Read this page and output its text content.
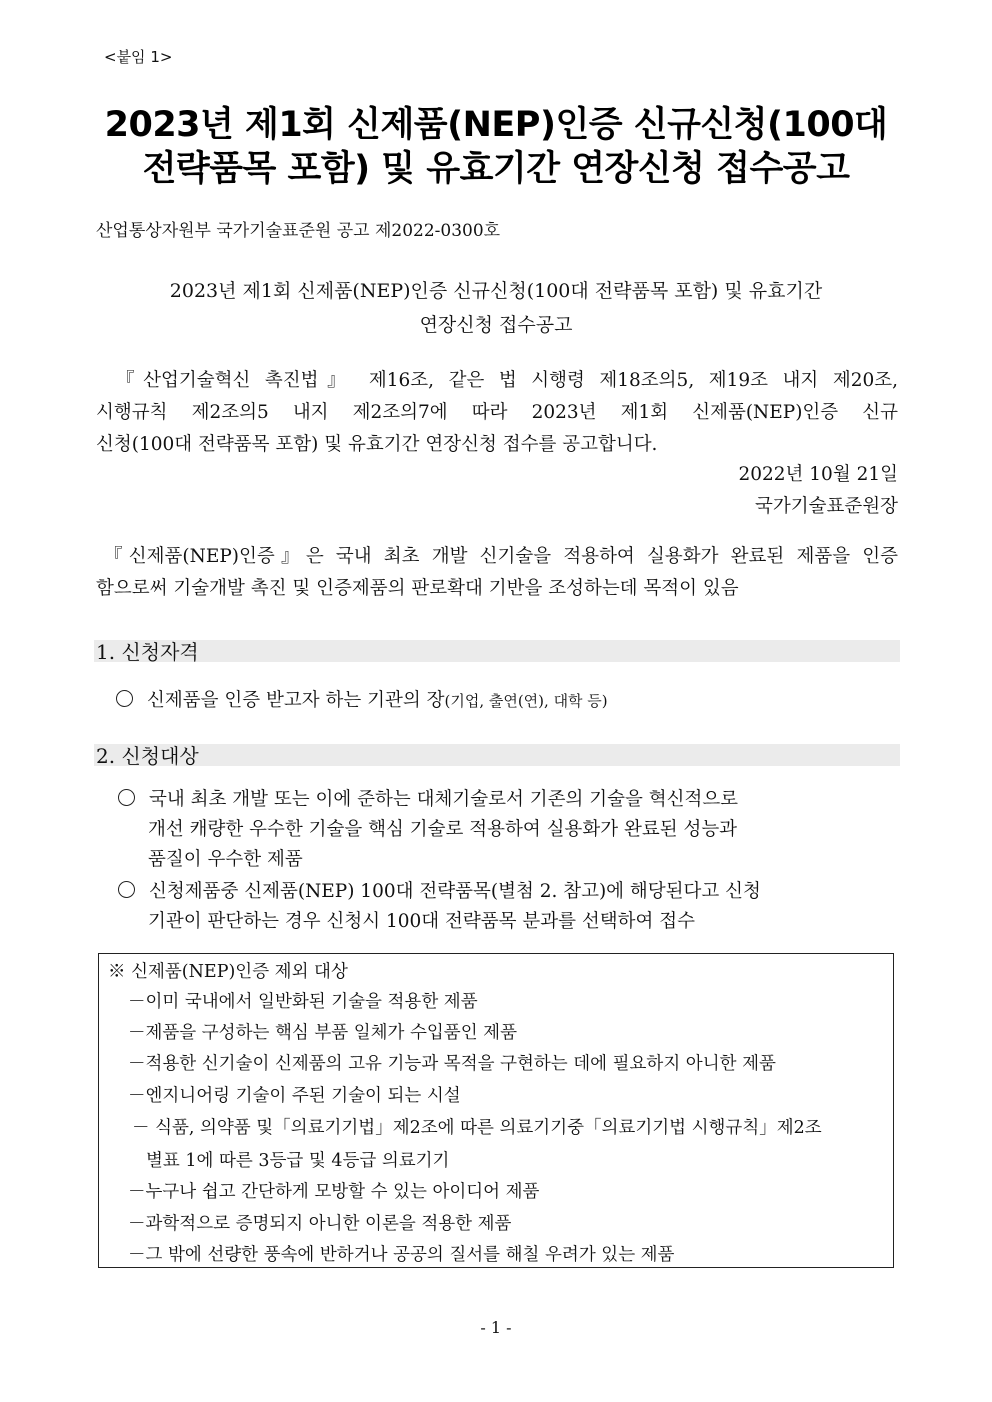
<붙임 1>
2023년 제1회 신제품(NEP)인증 신규신청(100대
전략품목 포함) 및 유효기간 연장신청 접수공고
산업통상자원부 국가기술표준원 공고 제2022-0300호
2023년 제1회 신제품(NEP)인증 신규신청(100대 전략품목 포함) 및 유효기간
연장신청 접수공고
『산업기술혁신 촉진법』 제16조, 같은 법 시행령 제18조의5, 제19조 내지 제20조,
시행규칙 제2조의5 내지 제2조의7에 따라 2023년 제1회 신제품(NEP)인증 신규
신청(100대 전략품목 포함) 및 유효기간 연장신청 접수를 공고합니다.
2022년 10월 21일
국가기술표준원장
『신제품(NEP)인증』은 국내 최초 개발 신기술을 적용하여 실용화가 완료된 제품을 인증
함으로써 기술개발 촉진 및 인증제품의 판로확대 기반을 조성하는데 목적이 있음
1. 신청자격
신제품을 인증 받고자 하는 기관의 장(기업, 출연(연), 대학 등)
2. 신청대상
국내 최초 개발 또는 이에 준하는 대체기술로서 기존의 기술을 혁신적으로
개선 캐량한 우수한 기술을 핵심 기술로 적용하여 실용화가 완료된 성능과
품질이 우수한 제품
신청제품중 신제품(NEP) 100대 전략품목(별첨 2. 참고)에 해당된다고 신청
기관이 판단하는 경우 신청시 100대 전략품목 분과를 선택하여 접수
※ 신제품(NEP)인증 제외 대상
－이미 국내에서 일반화된 기술을 적용한 제품
－제품을 구성하는 핵심 부품 일체가 수입품인 제품
－적용한 신기술이 신제품의 고유 기능과 목적을 구현하는 데에 필요하지 아니한 제품
－엔지니어링 기술이 주된 기술이 되는 시설
－ 식품, 의약품 및「의료기기법」제2조에 따른 의료기기중「의료기기법 시행규칙」제2조
별표 1에 따른 3등급 및 4등급 의료기기
－누구나 쉽고 간단하게 모방할 수 있는 아이디어 제품
－과학적으로 증명되지 아니한 이론을 적용한 제품
－그 밖에 선량한 풍속에 반하거나 공공의 질서를 해칠 우려가 있는 제품
- 1 -
